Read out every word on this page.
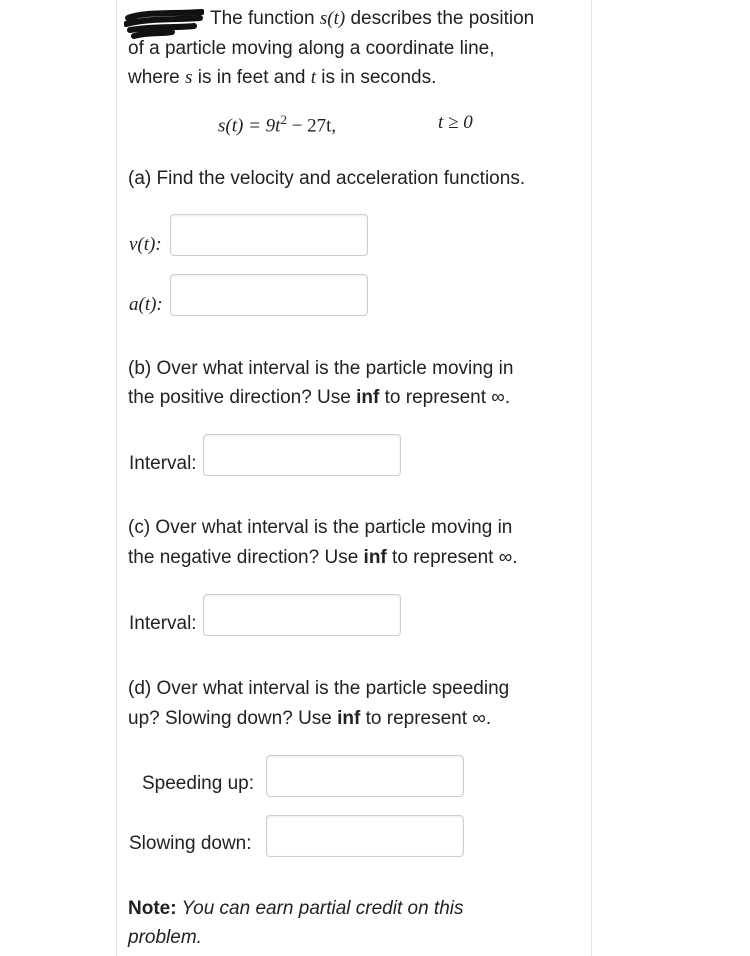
The function s(t) describes the position
of a particle moving along a coordinate line,
where s is in feet and t is in seconds.
$s(t) = 9t^2 - 27t$,	t ≥ 0
(a) Find the velocity and acceleration functions.
v(t):
a(t):
(b) Over what interval is the particle moving in
the positive direction? Use inf to represent ∞.
Interval:
(c) Over what interval is the particle moving in
the negative direction? Use inf to represent ∞.
Interval:
(d) Over what interval is the particle speeding
up? Slowing down? Use inf to represent ∞.
Speeding up:
Slowing down:
Note: You can earn partial credit on this
problem.
